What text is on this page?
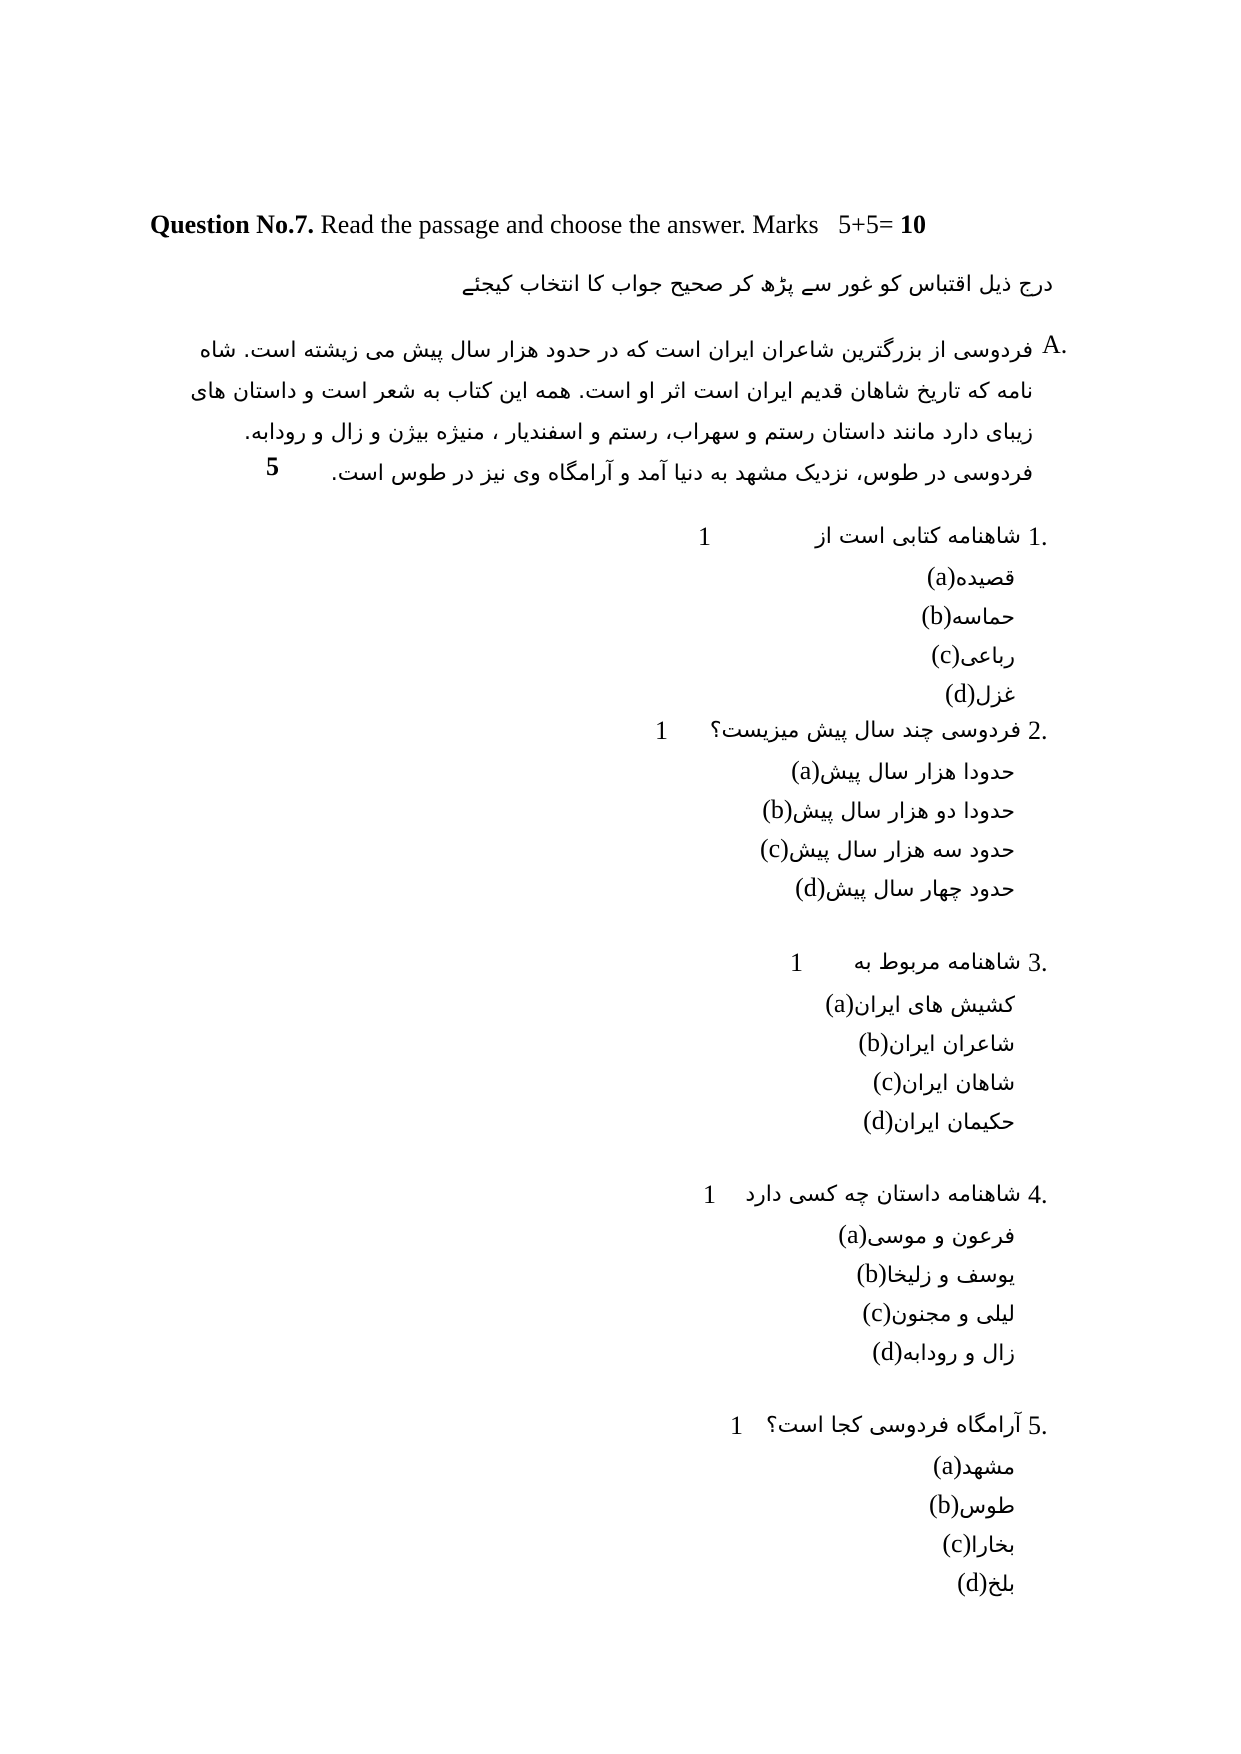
Question No.7. Read the passage and choose the answer. Marks 5+5= 10
درج ذیل اقتباس کو غور سے پڑھ کر صحیح جواب کا انتخاب کیجئے
A.
فردوسی از بزرگترین شاعران ایران است که در حدود هزار سال پیش می زیشته است. شاه
نامه که تاریخ شاهان قدیم ایران است اثر او است. همه این کتاب به شعر است و داستان های
زیبای دارد مانند داستان رستم و سهراب، رستم و اسفندیار ، منیژه بیژن و زال و رودابه.
فردوسی در طوس، نزدیک مشهد به دنیا آمد و آرامگاه وی نیز در طوس است.
5
1.
شاهنامه کتابی است از
1
(a)قصیده
(b)حماسه
(c)رباعی
(d)غزل
2.
فردوسی چند سال پیش میزیست؟
1
(a)حدودا هزار سال پیش
(b)حدودا دو هزار سال پیش
(c)حدود سه هزار سال پیش
(d)حدود چهار سال پیش
3.
شاهنامه مربوط به
1
(a)کشیش های ایران
(b)شاعران ایران
(c)شاهان ایران
(d)حکیمان ایران
4.
شاهنامه داستان چه کسی دارد
1
(a)فرعون و موسی
(b)یوسف و زلیخا
(c)لیلی و مجنون
(d)زال و رودابه
5.
آرامگاه فردوسی کجا است؟
1
(a)مشهد
(b)طوس
(c)بخارا
(d)بلخ
